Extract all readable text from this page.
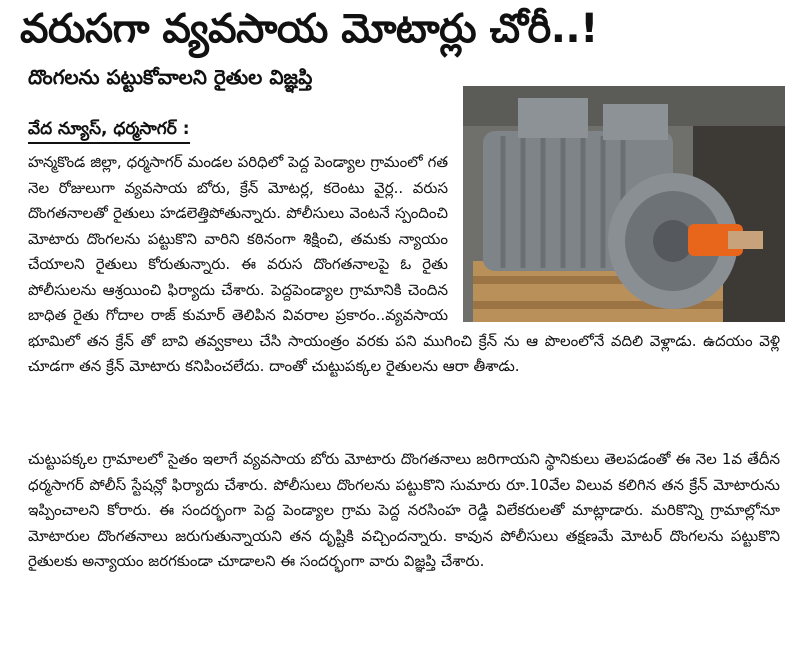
వరుసగా వ్యవసాయ మోటార్లు చోరీ..!
దొంగలను పట్టుకోవాలని రైతుల విజ్ఞప్తి
వేద న్యూస్, ధర్మసాగర్ :
హన్మకొండ జిల్లా, ధర్మసాగర్ మండల పరిధిలో పెద్ద పెండ్యాల గ్రామంలో గత నెల రోజులుగా వ్యవసాయ బోరు, క్రేన్ మోటర్ల, కరెంటు వైర్ల.. వరుస దొంగతనాలతో రైతులు హడలెత్తిపోతున్నారు. పోలీసులు వెంటనే స్పందించి మోటారు దొంగలను పట్టుకొని వారిని కఠినంగా శిక్షించి, తమకు న్యాయం చేయాలని రైతులు కోరుతున్నారు. ఈ వరుస దొంగతనాలపై ఓ రైతు పోలీసులను ఆశ్రయించి ఫిర్యాదు చేశారు. పెద్దపెండ్యాల గ్రామానికి చెందిన బాధిత రైతు గోదాల రాజ్ కుమార్ తెలిపిన వివరాల ప్రకారం..వ్యవసాయ భూమిలో తన క్రేన్ తో బావి తవ్వకాలు చేసి సాయంత్రం వరకు పని ముగించి క్రేన్ ను ఆ పొలంలోనే వదిలి వెళ్లాడు. ఉదయం వెళ్లి చూడగా తన క్రేన్ మోటారు కనిపించలేదు. దాంతో చుట్టుపక్కల రైతులను ఆరా తీశాడు.
చుట్టుపక్కల గ్రామాలలో సైతం ఇలాగే వ్యవసాయ బోరు మోటారు దొంగతనాలు జరిగాయని స్థానికులు తెలపడంతో ఈ నెల 1వ తేదీన ధర్మసాగర్ పోలీస్ స్టేషన్లో ఫిర్యాదు చేశారు. పోలీసులు దొంగలను పట్టుకొని సుమారు రూ.10వేల విలువ కలిగిన తన క్రేన్ మోటారును ఇప్పించాలని కోరారు. ఈ సందర్భంగా పెద్ద పెండ్యాల గ్రామ పెద్ద నరసింహ రెడ్డి విలేకరులతో మాట్లాడారు. మరికొన్ని గ్రామాల్లోనూ మోటారుల దొంగతనాలు జరుగుతున్నాయని తన దృష్టికి వచ్చిందన్నారు. కావున పోలీసులు తక్షణమే మోటర్ దొంగలను పట్టుకొని రైతులకు అన్యాయం జరగకుండా చూడాలని ఈ సందర్భంగా వారు విజ్ఞప్తి చేశారు.
